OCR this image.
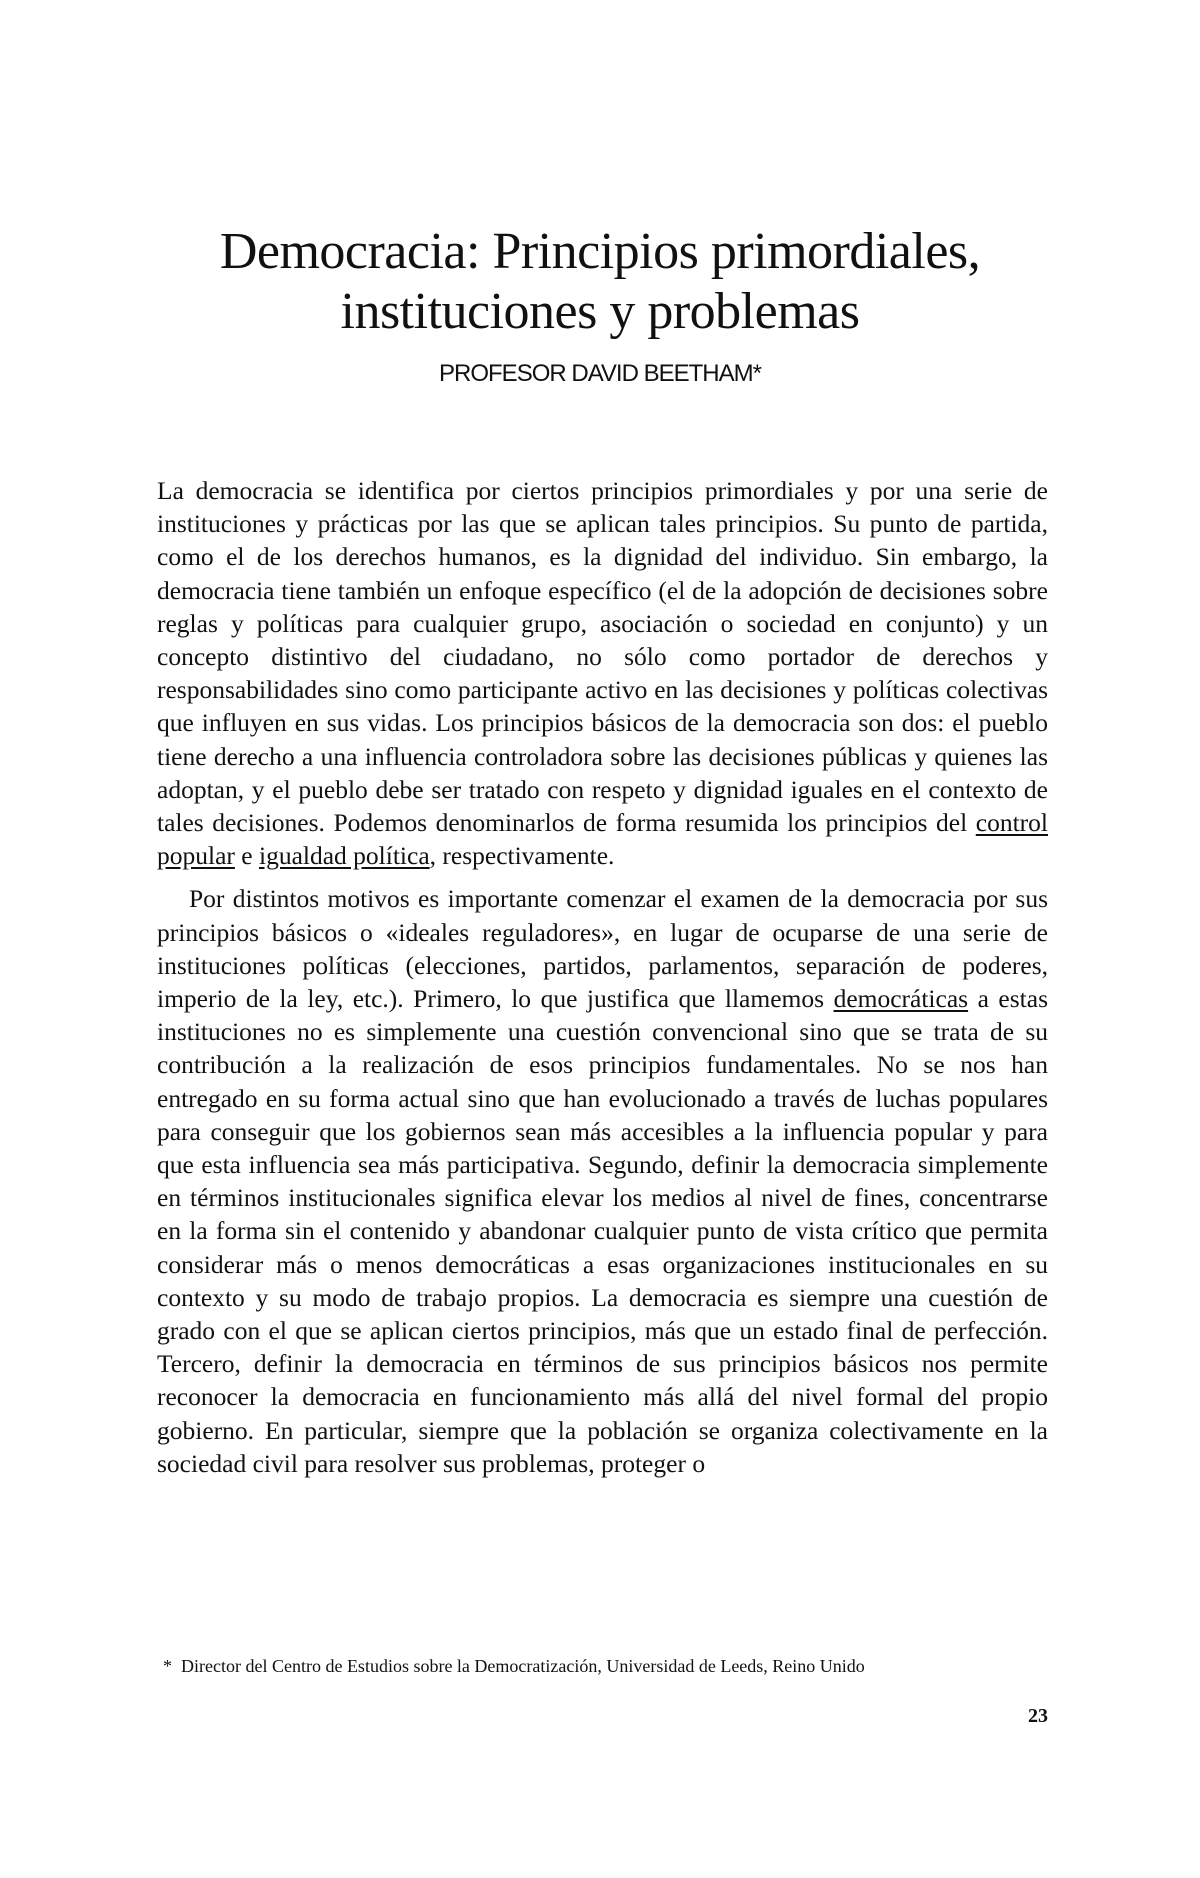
Democracia: Principios primordiales,
instituciones y problemas
PROFESOR DAVID BEETHAM*

La democracia se identifica por ciertos principios primordiales y por una serie de instituciones y prácticas por las que se aplican tales principios. Su punto de partida, como el de los derechos humanos, es la dignidad del individuo. Sin embargo, la democracia tiene también un enfoque específico (el de la adopción de decisiones sobre reglas y políticas para cualquier grupo, asociación o sociedad en conjunto) y un concepto distintivo del ciudadano, no sólo como portador de derechos y responsabilidades sino como participante activo en las decisiones y políticas colectivas que influyen en sus vidas. Los principios básicos de la democracia son dos: el pueblo tiene derecho a una influencia controladora sobre las decisiones públicas y quienes las adoptan, y el pueblo debe ser tratado con respeto y dignidad iguales en el contexto de tales decisiones. Podemos denominarlos de forma resumida los principios del control popular e igualdad política, respectivamente.

Por distintos motivos es importante comenzar el examen de la democracia por sus principios básicos o «ideales reguladores», en lugar de ocuparse de una serie de instituciones políticas (elecciones, partidos, parlamentos, separación de poderes, imperio de la ley, etc.). Primero, lo que justifica que llamemos democráticas a estas instituciones no es simplemente una cuestión convencional sino que se trata de su contribución a la realización de esos principios fundamentales. No se nos han entregado en su forma actual sino que han evolucionado a través de luchas populares para conseguir que los gobiernos sean más accesibles a la influencia popular y para que esta influencia sea más participativa. Segundo, definir la democracia simplemente en términos institucionales significa elevar los medios al nivel de fines, concentrarse en la forma sin el contenido y abandonar cualquier punto de vista crítico que permita considerar más o menos democráticas a esas organizaciones institucionales en su contexto y su modo de trabajo propios. La democracia es siempre una cuestión de grado con el que se aplican ciertos principios, más que un estado final de perfección. Tercero, definir la democracia en términos de sus principios básicos nos permite reconocer la democracia en funcionamiento más allá del nivel formal del propio gobierno. En particular, siempre que la población se organiza colectivamente en la sociedad civil para resolver sus problemas, proteger o

* Director del Centro de Estudios sobre la Democratización, Universidad de Leeds, Reino Unido
23
